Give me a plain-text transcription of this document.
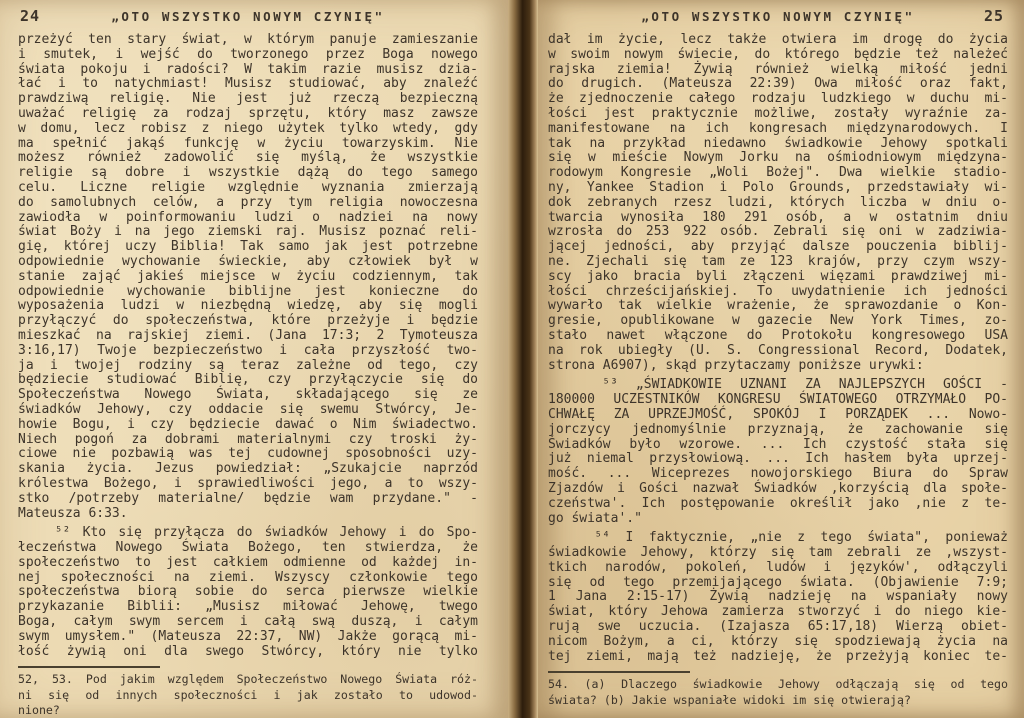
24	„OTO WSZYSTKO NOWYM CZYNIĘ"
przeżyć ten stary świat, w którym panuje zamieszanie
i smutek, i wejść do tworzonego przez Boga nowego
świata pokoju i radości? W takim razie musisz dzia-
łać i to natychmiast! Musisz studiować, aby znaleźć
prawdziwą religię. Nie jest już rzeczą bezpieczną
uważać religię za rodzaj sprzętu, który masz zawsze
w domu, lecz robisz z niego użytek tylko wtedy, gdy
ma spełnić jakąś funkcję w życiu towarzyskim. Nie
możesz również zadowolić się myślą, że wszystkie
religie są dobre i wszystkie dążą do tego samego
celu. Liczne religie względnie wyznania zmierzają
do samolubnych celów, a przy tym religia nowoczesna
zawiodła w poinformowaniu ludzi o nadziei na nowy
świat Boży i na jego ziemski raj. Musisz poznać reli-
gię, której uczy Biblia! Tak samo jak jest potrzebne
odpowiednie wychowanie świeckie, aby człowiek był w
stanie zająć jakieś miejsce w życiu codziennym, tak
odpowiednie wychowanie biblijne jest konieczne do
wyposażenia ludzi w niezbędną wiedzę, aby się mogli
przyłączyć do społeczeństwa, które przeżyje i będzie
mieszkać na rajskiej ziemi. (Jana 17:3; 2 Tymoteusza
3:16,17) Twoje bezpieczeństwo i cała przyszłość two-
ja i twojej rodziny są teraz zależne od tego, czy
będziecie studiować Biblię, czy przyłączycie się do
Społeczeństwa Nowego Świata, składającego się ze
świadków Jehowy, czy oddacie się swemu Stwórcy, Je-
howie Bogu, i czy będziecie dawać o Nim świadectwo.
Niech pogoń za dobrami materialnymi czy troski ży-
ciowe nie pozbawią was tej cudownej sposobności uzy-
skania życia. Jezus powiedział: „Szukajcie naprzód
królestwa Bożego, i sprawiedliwości jego, a to wszy-
stko /potrzeby materialne/ będzie wam przydane." -
Mateusza 6:33.
⁵² Kto się przyłącza do świadków Jehowy i do Spo-
łeczeństwa Nowego Świata Bożego, ten stwierdza, że
społeczeństwo to jest całkiem odmienne od każdej in-
nej społeczności na ziemi. Wszyscy członkowie tego
społeczeństwa biorą sobie do serca pierwsze wielkie
przykazanie Biblii: „Musisz miłować Jehowę, twego
Boga, całym swym sercem i całą swą duszą, i całym
swym umysłem." (Mateusza 22:37, NW) Jakże gorącą mi-
łość żywią oni dla swego Stwórcy, który nie tylko
52, 53. Pod jakim względem Społeczeństwo Nowego Świata róż-
ni się od innych społeczności i jak zostało to udowod-
nione?
„OTO WSZYSTKO NOWYM CZYNIĘ"	25
dał im życie, lecz także otwiera im drogę do życia
w swoim nowym świecie, do którego będzie też należeć
rajska ziemia! Żywią również wielką miłość jedni
do drugich. (Mateusza 22:39) Owa miłość oraz fakt,
że zjednoczenie całego rodzaju ludzkiego w duchu mi-
łości jest praktycznie możliwe, zostały wyraźnie za-
manifestowane na ich kongresach międzynarodowych. I
tak na przykład niedawno świadkowie Jehowy spotkali
się w mieście Nowym Jorku na ośmiodniowym międzyna-
rodowym Kongresie „Woli Bożej". Dwa wielkie stadio-
ny, Yankee Stadion i Polo Grounds, przedstawiały wi-
dok zebranych rzesz ludzi, których liczba w dniu o-
twarcia wynosiła 180 291 osób, a w ostatnim dniu
wzrosła do 253 922 osób. Zebrali się oni w zadziwia-
jącej jedności, aby przyjąć dalsze pouczenia biblij-
ne. Zjechali się tam ze 123 krajów, przy czym wszy-
scy jako bracia byli złączeni więzami prawdziwej mi-
łości chrześcijańskiej. To uwydatnienie ich jedności
wywarło tak wielkie wrażenie, że sprawozdanie o Kon-
gresie, opublikowane w gazecie New York Times, zo-
stało nawet włączone do Protokołu kongresowego USA
na rok ubiegły (U. S. Congressional Record, Dodatek,
strona A6907), skąd przytaczamy poniższe urywki:
⁵³ „ŚWIADKOWIE UZNANI ZA NAJLEPSZYCH GOŚCI -
180000 UCZESTNIKÓW KONGRESU ŚWIATOWEGO OTRZYMAŁO PO-
CHWAŁĘ ZA UPRZEJMOŚĆ, SPOKÓJ I PORZĄDEK ... Nowo-
jorczycy jednomyślnie przyznają, że zachowanie się
Świadków było wzorowe. ... Ich czystość stała się
już niemal przysłowiową. ... Ich hasłem była uprzej-
mość. ... Wiceprezes nowojorskiego Biura do Spraw
Zjazdów i Gości nazwał Świadków ‚korzyścią dla społe-
czeństwa'. Ich postępowanie określił jako ‚nie z te-
go świata'."
⁵⁴ I faktycznie, „nie z tego świata", ponieważ
świadkowie Jehowy, którzy się tam zebrali ze ‚wszyst-
tkich narodów, pokoleń, ludów i języków', odłączyli
się od tego przemijającego świata. (Objawienie 7:9;
1 Jana 2:15-17) Żywią nadzieję na wspaniały nowy
świat, który Jehowa zamierza stworzyć i do niego kie-
rują swe uczucia. (Izajasza 65:17,18) Wierzą obiet-
nicom Bożym, a ci, którzy się spodziewają życia na
tej ziemi, mają też nadzieję, że przeżyją koniec te-
54. (a) Dlaczego świadkowie Jehowy odłączają się od tego
świata? (b) Jakie wspaniałe widoki im się otwierają?
